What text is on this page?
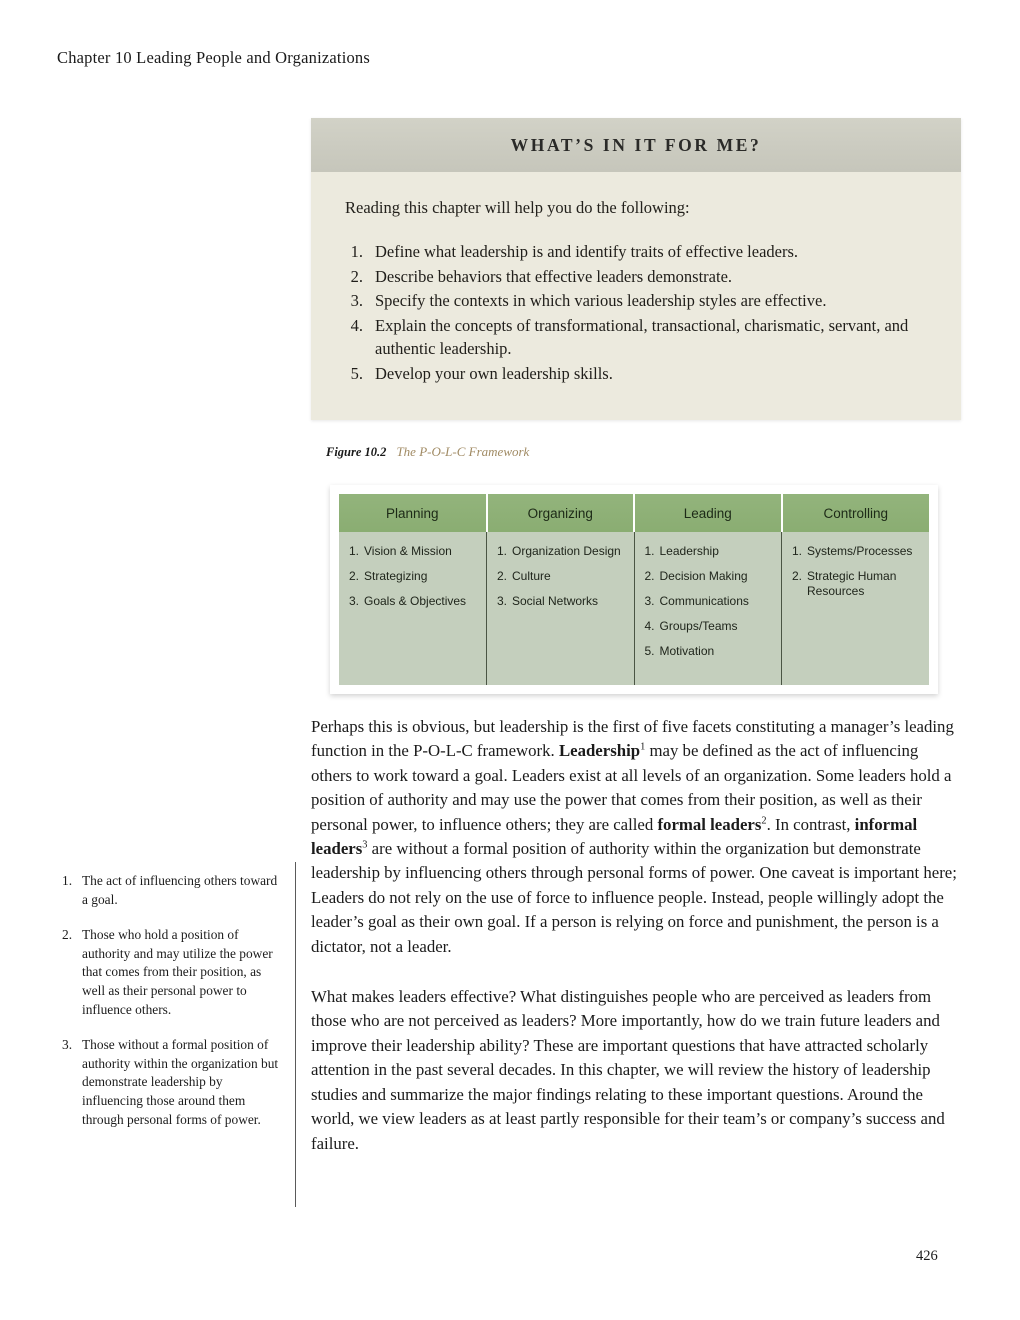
Chapter 10 Leading People and Organizations
WHAT’S IN IT FOR ME?

Reading this chapter will help you do the following:

1. Define what leadership is and identify traits of effective leaders.
2. Describe behaviors that effective leaders demonstrate.
3. Specify the contexts in which various leadership styles are effective.
4. Explain the concepts of transformational, transactional, charismatic, servant, and authentic leadership.
5. Develop your own leadership skills.
Figure 10.2 The P-O-L-C Framework
Planning	Organizing	Leading	Controlling

1. Vision & Mission
2. Strategizing
3. Goals & Objectives

1. Organization Design
2. Culture
3. Social Networks

1. Leadership
2. Decision Making
3. Communications
4. Groups/Teams
5. Motivation

1. Systems/Processes
2. Strategic Human Resources

Perhaps this is obvious, but leadership is the first of five facets constituting a manager’s leading function in the P-O-L-C framework. Leadership$^1$ may be defined as the act of influencing others to work toward a goal. Leaders exist at all levels of an organization. Some leaders hold a position of authority and may use the power that comes from their position, as well as their personal power, to influence others; they are called formal leaders$^2$. In contrast, informal leaders$^3$ are without a formal position of authority within the organization but demonstrate leadership by influencing others through personal forms of power. One caveat is important here; Leaders do not rely on the use of force to influence people. Instead, people willingly adopt the leader’s goal as their own goal. If a person is relying on force and punishment, the person is a dictator, not a leader.

What makes leaders effective? What distinguishes people who are perceived as leaders from those who are not perceived as leaders? More importantly, how do we train future leaders and improve their leadership ability? These are important questions that have attracted scholarly attention in the past several decades. In this chapter, we will review the history of leadership studies and summarize the major findings relating to these important questions. Around the world, we view leaders as at least partly responsible for their team’s or company’s success and failure.

1. The act of influencing others toward a goal.
2. Those who hold a position of authority and may utilize the power that comes from their position, as well as their personal power to influence others.
3. Those without a formal position of authority within the organization but demonstrate leadership by influencing those around them through personal forms of power.
426
